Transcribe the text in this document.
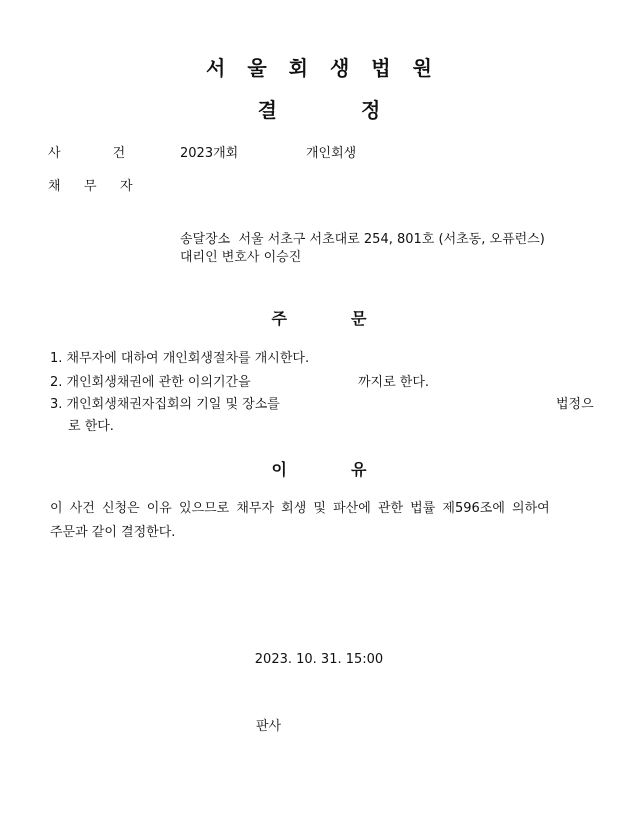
서울회생법원
결	정
사	건	2023개회	개인회생
채 무 자
송달장소  서울 서초구 서초대로 254, 801호 (서초동, 오퓨런스)
대리인 변호사 이승진
주	문
1. 채무자에 대하여 개인회생절차를 개시한다.
2. 개인회생채권에 관한 이의기간을	까지로 한다.
3. 개인회생채권자집회의 기일 및 장소를	법정으
로 한다.
이	유
이 사건 신청은 이유 있으므로 채무자 회생 및 파산에 관한 법률 제596조에 의하여
주문과 같이 결정한다.
2023. 10. 31. 15:00
판사
